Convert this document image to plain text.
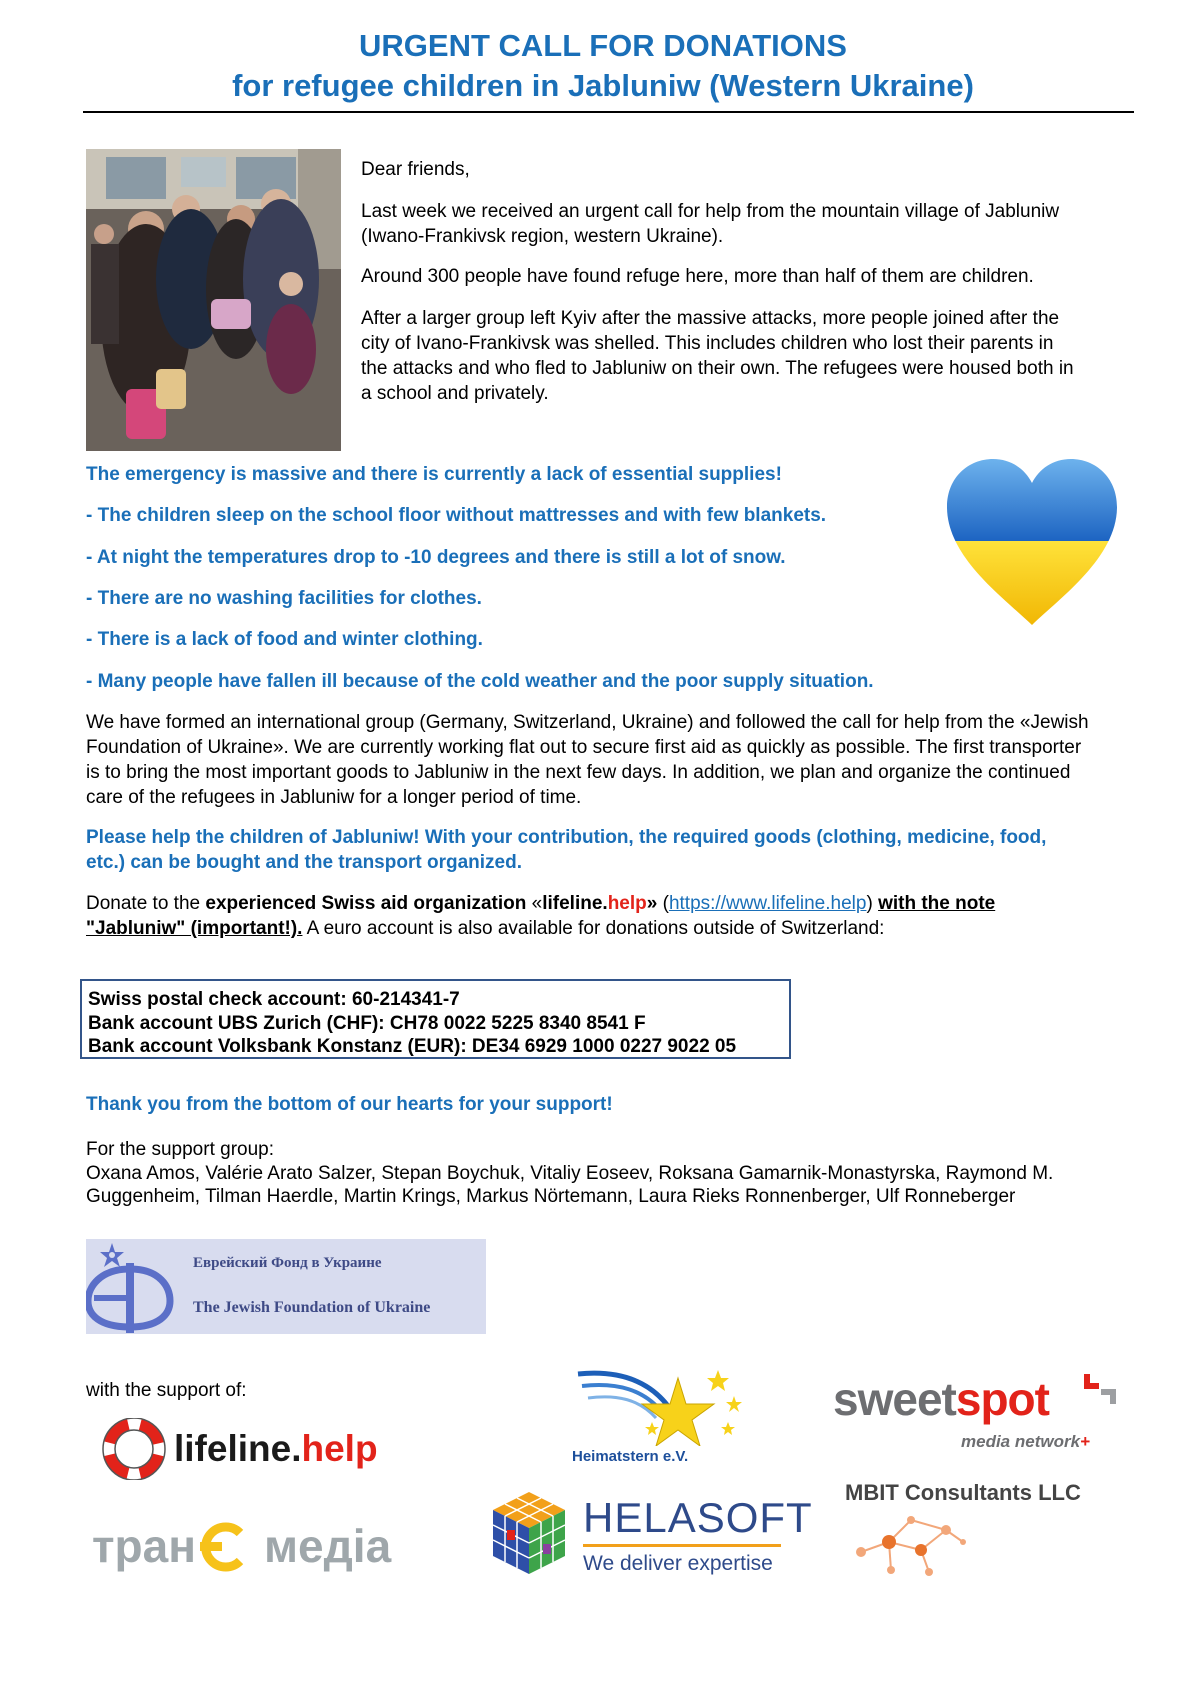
URGENT CALL FOR DONATIONS
for refugee children in Jabluniw (Western Ukraine)
Dear friends,
Last week we received an urgent call for help from the mountain village of Jabluniw
(Iwano-Frankivsk region, western Ukraine).
Around 300 people have found refuge here, more than half of them are children.
After a larger group left Kyiv after the massive attacks, more people joined after the
city of Ivano-Frankivsk was shelled. This includes children who lost their parents in
the attacks and who fled to Jabluniw on their own. The refugees were housed both in
a school and privately.
The emergency is massive and there is currently a lack of essential supplies!
- The children sleep on the school floor without mattresses and with few blankets.
- At night the temperatures drop to -10 degrees and there is still a lot of snow.
- There are no washing facilities for clothes.
- There is a lack of food and winter clothing.
- Many people have fallen ill because of the cold weather and the poor supply situation.
We have formed an international group (Germany, Switzerland, Ukraine) and followed the call for help from the «Jewish
Foundation of Ukraine». We are currently working flat out to secure first aid as quickly as possible. The first transporter
is to bring the most important goods to Jabluniw in the next few days. In addition, we plan and organize the continued
care of the refugees in Jabluniw for a longer period of time.
Please help the children of Jabluniw! With your contribution, the required goods (clothing, medicine, food,
etc.) can be bought and the transport organized.
Donate to the experienced Swiss aid organization «lifeline.help» (https://www.lifeline.help) with the note
"Jabluniw" (important!). A euro account is also available for donations outside of Switzerland:
Swiss postal check account: 60-214341-7
Bank account UBS Zurich (CHF): CH78 0022 5225 8340 8541 F
Bank account Volksbank Konstanz (EUR): DE34 6929 1000 0227 9022 05
Thank you from the bottom of our hearts for your support!
For the support group:
Oxana Amos, Valérie Arato Salzer, Stepan Boychuk, Vitaliy Eoseev, Roksana Gamarnik-Monastyrska, Raymond M.
Guggenheim, Tilman Haerdle, Martin Krings, Markus Nörtemann, Laura Rieks Ronnenberger, Ulf Ronneberger
Еврейский Фонд в Украине
The Jewish Foundation of Ukraine
with the support of:
lifeline.help	Heimatstern e.V.
sweetspot
media network+
MBIT Consultants LLC
тран медіа
HELASOFT
We deliver expertise
